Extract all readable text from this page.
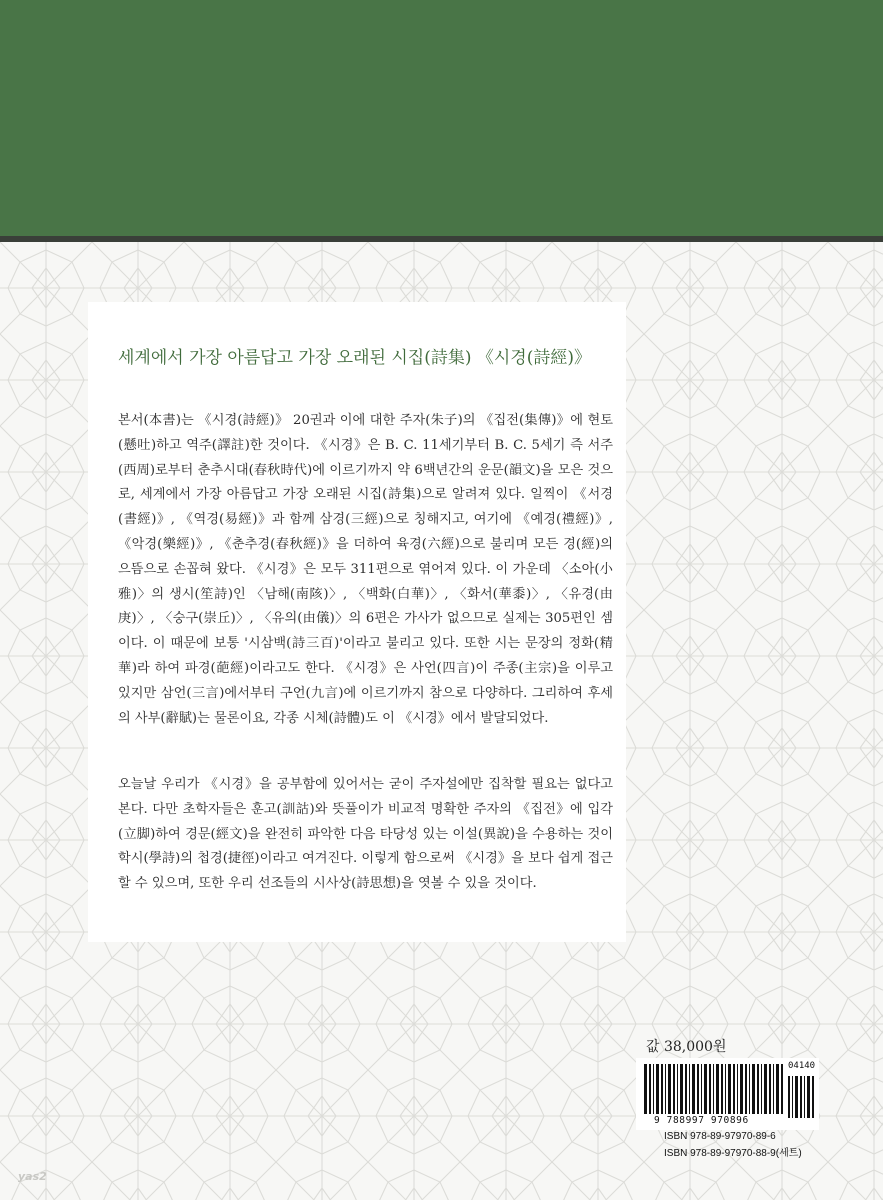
세계에서 가장 아름답고 가장 오래된 시집(詩集) 《시경(詩經)》

본서(本書)는 《시경(詩經)》 20권과 이에 대한 주자(朱子)의 《집전(集傳)》에 현토(懸吐)하고 역주(譯註)한 것이다. 《시경》은 B. C. 11세기부터 B. C. 5세기 즉 서주(西周)로부터 춘추시대(春秋時代)에 이르기까지 약 6백년간의 운문(韻文)을 모은 것으로, 세계에서 가장 아름답고 가장 오래된 시집(詩集)으로 알려져 있다. 일찍이 《서경(書經)》, 《역경(易經)》과 함께 삼경(三經)으로 칭해지고, 여기에 《예경(禮經)》, 《악경(樂經)》, 《춘추경(春秋經)》을 더하여 육경(六經)으로 불리며 모든 경(經)의 으뜸으로 손꼽혀 왔다. 《시경》은 모두 311편으로 엮어져 있다. 이 가운데 〈소아(小雅)〉의 생시(笙詩)인 〈남해(南陔)〉, 〈백화(白華)〉, 〈화서(華黍)〉, 〈유경(由庚)〉, 〈숭구(崇丘)〉, 〈유의(由儀)〉의 6편은 가사가 없으므로 실제는 305편인 셈이다. 이 때문에 보통 '시삼백(詩三百)'이라고 불리고 있다. 또한 시는 문장의 정화(精華)라 하여 파경(葩經)이라고도 한다. 《시경》은 사언(四言)이 주종(主宗)을 이루고 있지만 삼언(三言)에서부터 구언(九言)에 이르기까지 참으로 다양하다. 그리하여 후세의 사부(辭賦)는 물론이요, 각종 시체(詩體)도 이 《시경》에서 발달되었다.

오늘날 우리가 《시경》을 공부함에 있어서는 굳이 주자설에만 집착할 필요는 없다고 본다. 다만 초학자들은 훈고(訓詁)와 뜻풀이가 비교적 명확한 주자의 《집전》에 입각(立脚)하여 경문(經文)을 완전히 파악한 다음 타당성 있는 이설(異說)을 수용하는 것이 학시(學詩)의 첩경(捷徑)이라고 여겨진다. 이렇게 함으로써 《시경》을 보다 쉽게 접근할 수 있으며, 또한 우리 선조들의 시사상(詩思想)을 엿볼 수 있을 것이다.

값 38,000원
9 788997 970896
04140
ISBN 978-89-97970-89-6
ISBN 978-89-97970-88-9(세트)
yas2
